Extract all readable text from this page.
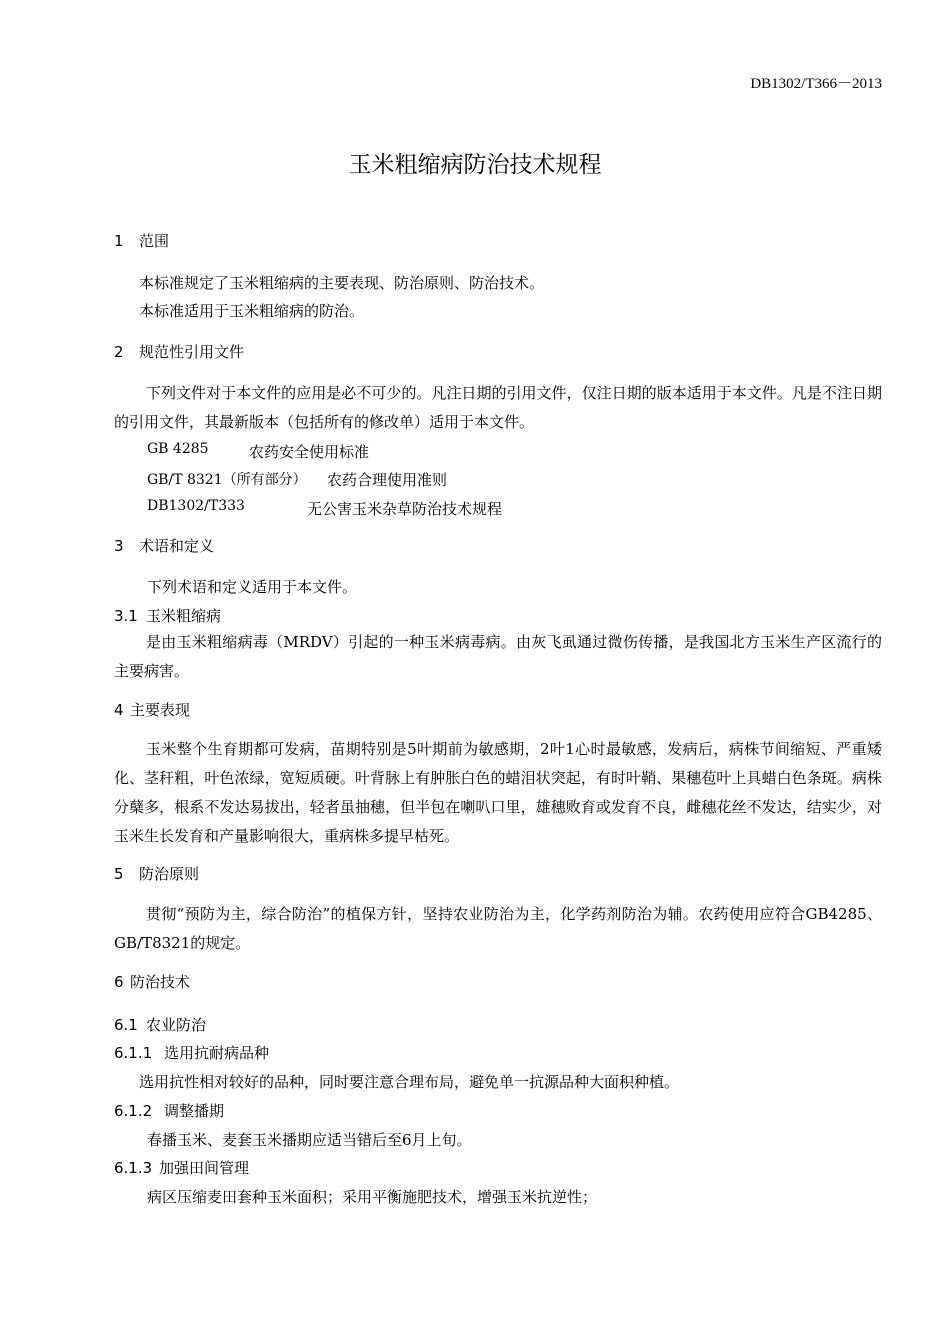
DB1302/T366－2013
玉米粗缩病防治技术规程
1 范围
本标准规定了玉米粗缩病的主要表现、防治原则、防治技术。
本标准适用于玉米粗缩病的防治。
2 规范性引用文件
下列文件对于本文件的应用是必不可少的。凡注日期的引用文件，仅注日期的版本适用于本文件。凡是不注日期的引用文件，其最新版本（包括所有的修改单）适用于本文件。
GB 4285	农药安全使用标准
GB/T 8321（所有部分） 农药合理使用准则
DB1302/T333	无公害玉米杂草防治技术规程
3 术语和定义
下列术语和定义适用于本文件。
3.1 玉米粗缩病
是由玉米粗缩病毒（MRDV）引起的一种玉米病毒病。由灰飞虱通过微伤传播，是我国北方玉米生产区流行的主要病害。
4 主要表现
玉米整个生育期都可发病，苗期特别是5叶期前为敏感期，2叶1心时最敏感，发病后，病株节间缩短、严重矮化、茎秆粗，叶色浓绿，宽短质硬。叶背脉上有肿胀白色的蜡泪状突起，有时叶鞘、果穗苞叶上具蜡白色条斑。病株分蘖多，根系不发达易拔出，轻者虽抽穗，但半包在喇叭口里，雄穗败育或发育不良，雌穗花丝不发达，结实少，对玉米生长发育和产量影响很大，重病株多提早枯死。
5 防治原则
贯彻“预防为主，综合防治”的植保方针，坚持农业防治为主，化学药剂防治为辅。农药使用应符合GB4285、GB/T8321的规定。
6 防治技术
6.1 农业防治
6.1.1 选用抗耐病品种
选用抗性相对较好的品种，同时要注意合理布局，避免单一抗源品种大面积种植。
6.1.2 调整播期
春播玉米、麦套玉米播期应适当错后至6月上旬。
6.1.3 加强田间管理
病区压缩麦田套种玉米面积；采用平衡施肥技术，增强玉米抗逆性；
